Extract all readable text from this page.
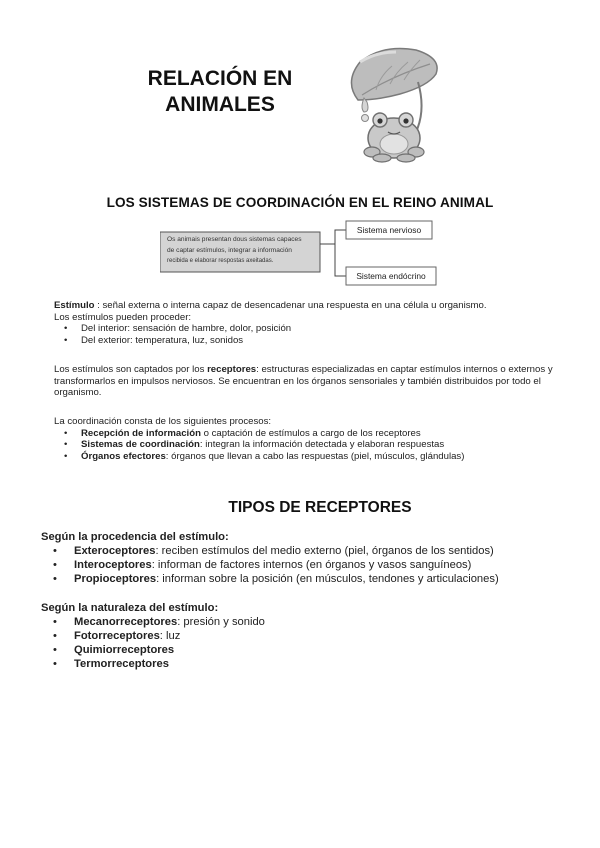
RELACIÓN EN
ANIMALES
LOS SISTEMAS DE COORDINACIÓN EN EL REINO ANIMAL
Os animais presentan dous sistemas capaces
de captar estímulos, integrar a información
recibida e elaborar respostas axeitadas.
Sistema nervioso
Sistema endócrino
Estímulo : señal externa o interna capaz de desencadenar una respuesta en una célula u organismo.
Los estímulos pueden proceder:
• Del interior: sensación de hambre, dolor, posición
• Del exterior: temperatura, luz, sonidos
Los estímulos son captados por los receptores: estructuras especializadas en captar estímulos internos o externos y transformarlos en impulsos nerviosos. Se encuentran en los órganos sensoriales y también distribuidos por todo el organismo.
La coordinación consta de los siguientes procesos:
• Recepción de información o captación de estímulos a cargo de los receptores
• Sistemas de coordinación: integran la información detectada y elaboran respuestas
• Órganos efectores: órganos que llevan a cabo las respuestas (piel, músculos, glándulas)
TIPOS DE RECEPTORES
Según la procedencia del estímulo:
• Exteroceptores: reciben estímulos del medio externo (piel, órganos de los sentidos)
• Interoceptores: informan de factores internos (en órganos y vasos sanguíneos)
• Propioceptores: informan sobre la posición (en músculos, tendones y articulaciones)
Según la naturaleza del estímulo:
• Mecanorreceptores: presión y sonido
• Fotorreceptores: luz
• Quimiorreceptores
• Termorreceptores
